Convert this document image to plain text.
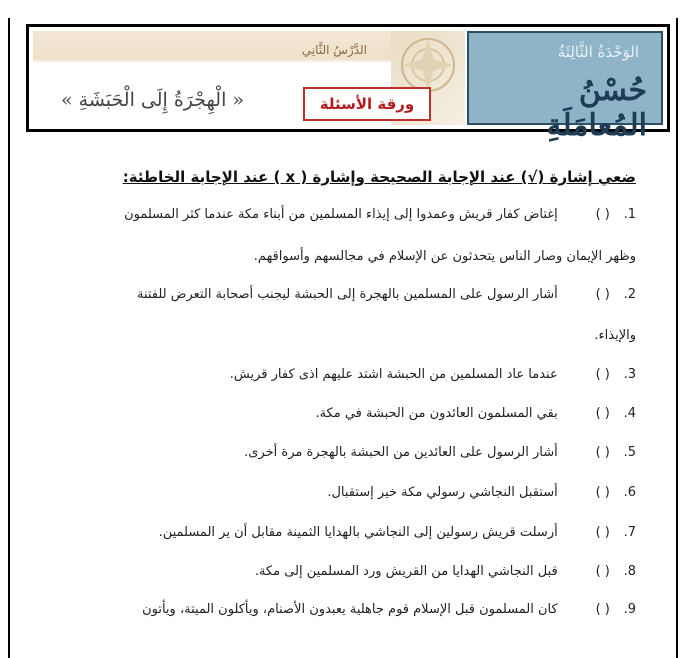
الوَحْدَةُ الثَّالِثَةُ
حُسْنُ المُعامَلَةِ
الدَّرْسُ الثَّانِي
ورقة الأسئلة
« الْهِجْرَةُ إِلَى الْحَبَشَةِ »
ضعي إشارة (√) عند الإجابة الصحيحة وإشارة ( x ) عند الإجابة الخاطئة:
1. ( ) إغتاض كفار قريش وعمدوا إلى إيذاء المسلمين من أبناء مكة عندما كثر المسلمون
وظهر الإيمان وصار الناس يتحدثون عن الإسلام في مجالسهم وأسواقهم.
2. ( ) أشار الرسول على المسلمين بالهجرة إلى الحبشة ليجنب أصحابة التعرض للفتنة
والإيذاء.
3. ( ) عندما عاد المسلمين من الحبشة اشتد عليهم اذى كفار قريش.
4. ( ) بقي المسلمون العائدون من الحبشة في مكة.
5. ( ) أشار الرسول على العائدين من الحبشة بالهجرة مرة أخرى.
6. ( ) أستقبل النجاشي رسولي مكة خير إستقبال.
7. ( ) أرسلت قريش رسولين إلى النجاشي بالهدايا الثمينة مقابل أن ير المسلمين.
8. ( ) قبل النجاشي الهدايا من القريش ورد المسلمين إلى مكة.
9. ( ) كان المسلمون قبل الإسلام قوم جاهلية يعبدون الأصنام، ويأكلون الميتة، ويأتون
